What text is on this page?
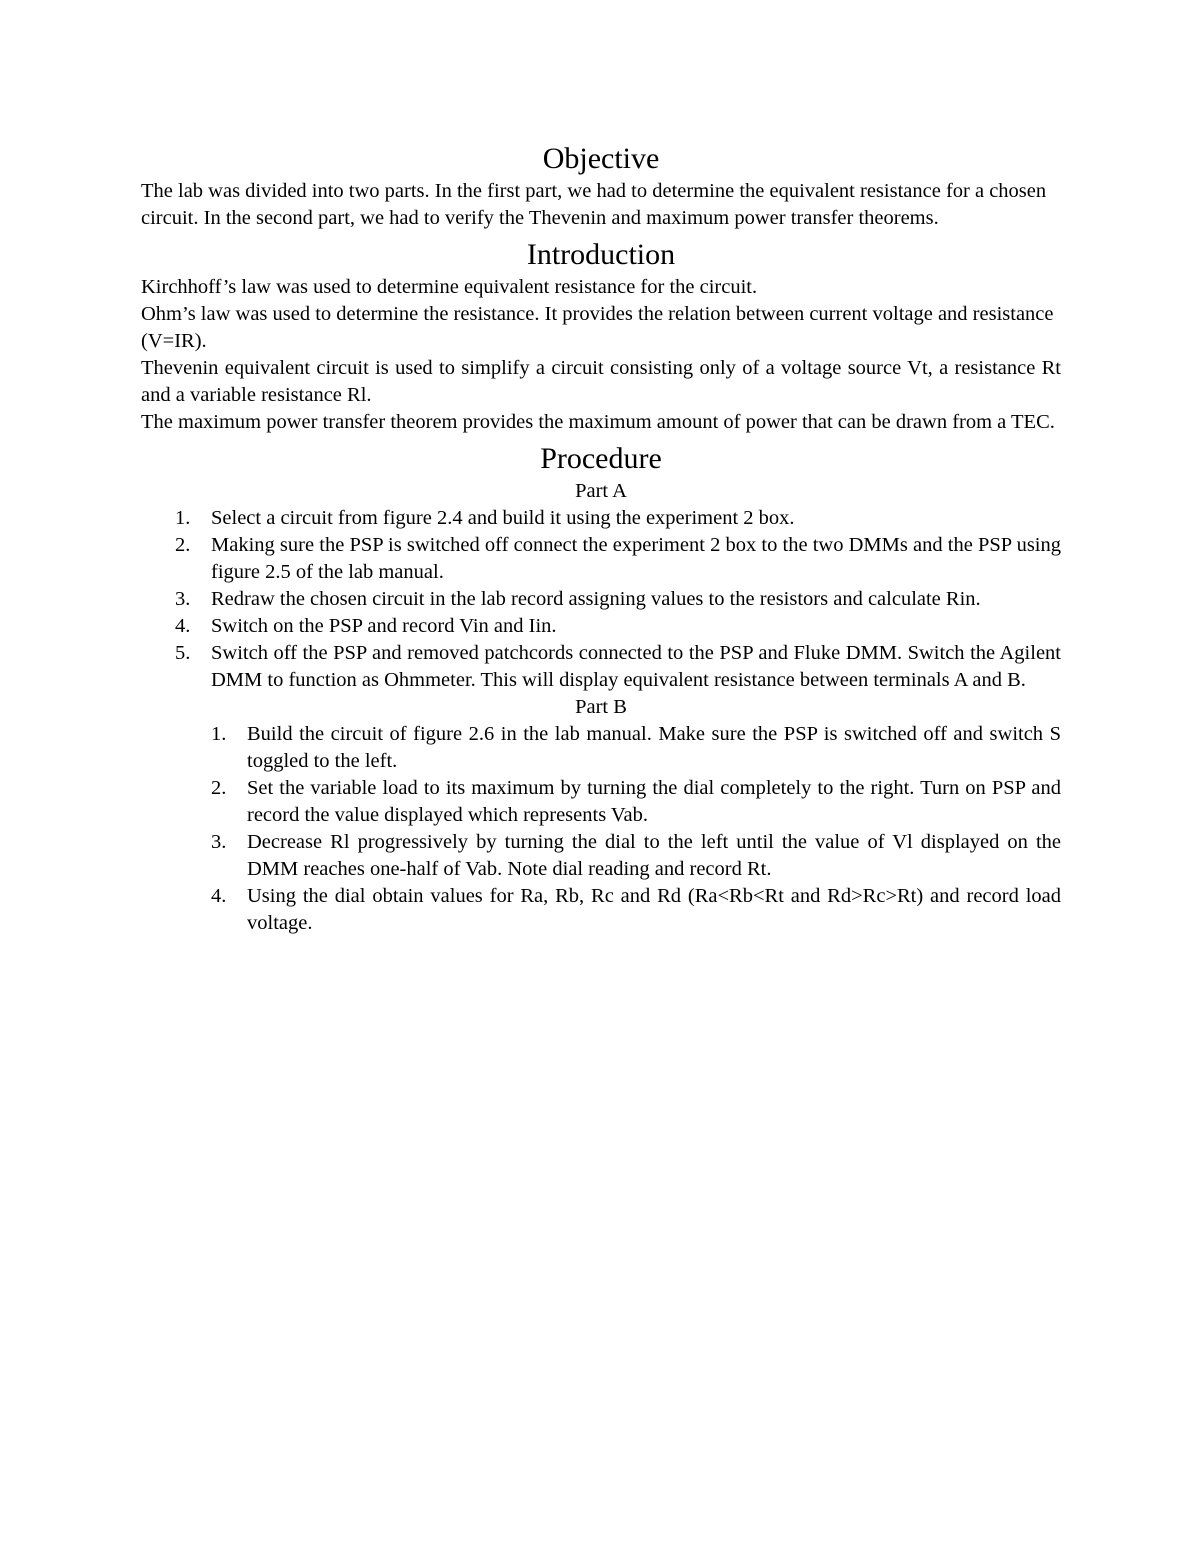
Objective

The lab was divided into two parts. In the first part, we had to determine the equivalent resistance for a chosen circuit. In the second part, we had to verify the Thevenin and maximum power transfer theorems.

Introduction

Kirchhoff’s law was used to determine equivalent resistance for the circuit.

Ohm’s law was used to determine the resistance. It provides the relation between current voltage and resistance (V=IR).

Thevenin equivalent circuit is used to simplify a circuit consisting only of a voltage source Vt, a resistance Rt and a variable resistance Rl.

The maximum power transfer theorem provides the maximum amount of power that can be drawn from a TEC.

Procedure
Part A
1. Select a circuit from figure 2.4 and build it using the experiment 2 box.
2. Making sure the PSP is switched off connect the experiment 2 box to the two DMMs and the PSP using figure 2.5 of the lab manual.
3. Redraw the chosen circuit in the lab record assigning values to the resistors and calculate Rin.
4. Switch on the PSP and record Vin and Iin.
5. Switch off the PSP and removed patchcords connected to the PSP and Fluke DMM. Switch the Agilent DMM to function as Ohmmeter. This will display equivalent resistance between terminals A and B.
Part B
1. Build the circuit of figure 2.6 in the lab manual. Make sure the PSP is switched off and switch S toggled to the left.
2. Set the variable load to its maximum by turning the dial completely to the right. Turn on PSP and record the value displayed which represents Vab.
3. Decrease Rl progressively by turning the dial to the left until the value of Vl displayed on the DMM reaches one-half of Vab. Note dial reading and record Rt.
4. Using the dial obtain values for Ra, Rb, Rc and Rd (Ra<Rb<Rt and Rd>Rc>Rt) and record load voltage.
